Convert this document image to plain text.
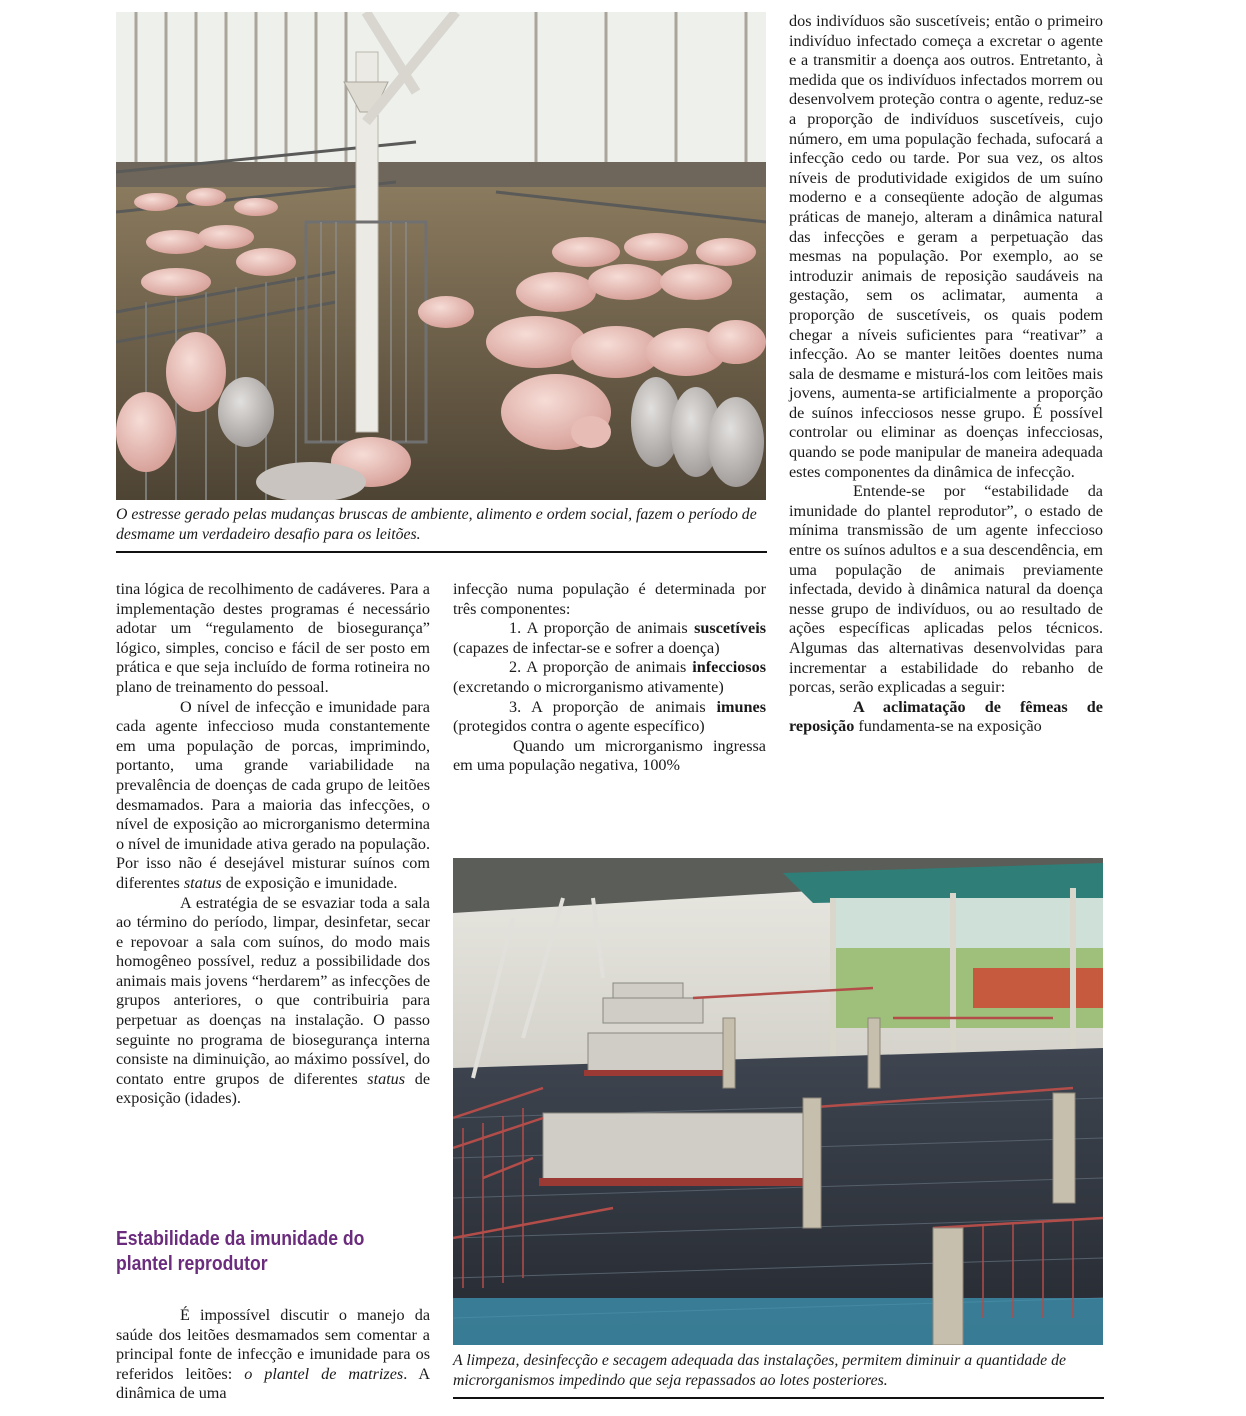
O estresse gerado pelas mudanças bruscas de ambiente, alimento e ordem social, fazem o período de desmame um verdadeiro desafio para os leitões.

tina lógica de recolhimento de cadáveres. Para a implementação destes programas é necessário adotar um “regulamento de biosegurança” lógico, simples, conciso e fácil de ser posto em prática e que seja incluído de forma rotineira no plano de treinamento do pessoal.

O nível de infecção e imunidade para cada agente infeccioso muda constantemente em uma população de porcas, imprimindo, portanto, uma grande variabilidade na prevalência de doenças de cada grupo de leitões desmamados. Para a maioria das infecções, o nível de exposição ao microrganismo determina o nível de imunidade ativa gerado na população. Por isso não é desejável misturar suínos com diferentes status de exposição e imunidade.

A estratégia de se esvaziar toda a sala ao término do período, limpar, desinfetar, secar e repovoar a sala com suínos, do modo mais homogêneo possível, reduz a possibilidade dos animais mais jovens “herdarem” as infecções de grupos anteriores, o que contribuiria para perpetuar as doenças na instalação. O passo seguinte no programa de biosegurança interna consiste na diminuição, ao máximo possível, do contato entre grupos de diferentes status de exposição (idades).

Estabilidade da imunidade do plantel reprodutor

É impossível discutir o manejo da saúde dos leitões desmamados sem comentar a principal fonte de infecção e imunidade para os referidos leitões: o plantel de matrizes. A dinâmica de uma

infecção numa população é determinada por três componentes:

1. A proporção de animais suscetíveis (capazes de infectar-se e sofrer a doença)

2. A proporção de animais infecciosos (excretando o microrganismo ativamente)

3. A proporção de animais imunes (protegidos contra o agente específico)

Quando um microrganismo ingressa em uma população negativa, 100%

dos indivíduos são suscetíveis; então o primeiro indivíduo infectado começa a excretar o agente e a transmitir a doença aos outros. Entretanto, à medida que os indivíduos infectados morrem ou desenvolvem proteção contra o agente, reduz-se a proporção de indivíduos suscetíveis, cujo número, em uma população fechada, sufocará a infecção cedo ou tarde. Por sua vez, os altos níveis de produtividade exigidos de um suíno moderno e a conseqüente adoção de algumas práticas de manejo, alteram a dinâmica natural das infecções e geram a perpetuação das mesmas na população. Por exemplo, ao se introduzir animais de reposição saudáveis na gestação, sem os aclimatar, aumenta a proporção de suscetíveis, os quais podem chegar a níveis suficientes para “reativar” a infecção. Ao se manter leitões doentes numa sala de desmame e misturá-los com leitões mais jovens, aumenta-se artificialmente a proporção de suínos infecciosos nesse grupo. É possível controlar ou eliminar as doenças infecciosas, quando se pode manipular de maneira adequada estes componentes da dinâmica de infecção.

Entende-se por “estabilidade da imunidade do plantel reprodutor”, o estado de mínima transmissão de um agente infeccioso entre os suínos adultos e a sua descendência, em uma população de animais previamente infectada, devido à dinâmica natural da doença nesse grupo de indivíduos, ou ao resultado de ações específicas aplicadas pelos técnicos. Algumas das alternativas desenvolvidas para incrementar a estabilidade do rebanho de porcas, serão explicadas a seguir:

A aclimatação de fêmeas de reposição fundamenta-se na exposição

A limpeza, desinfecção e secagem adequada das instalações, permitem diminuir a quantidade de microrganismos impedindo que seja repassados ao lotes posteriores.
